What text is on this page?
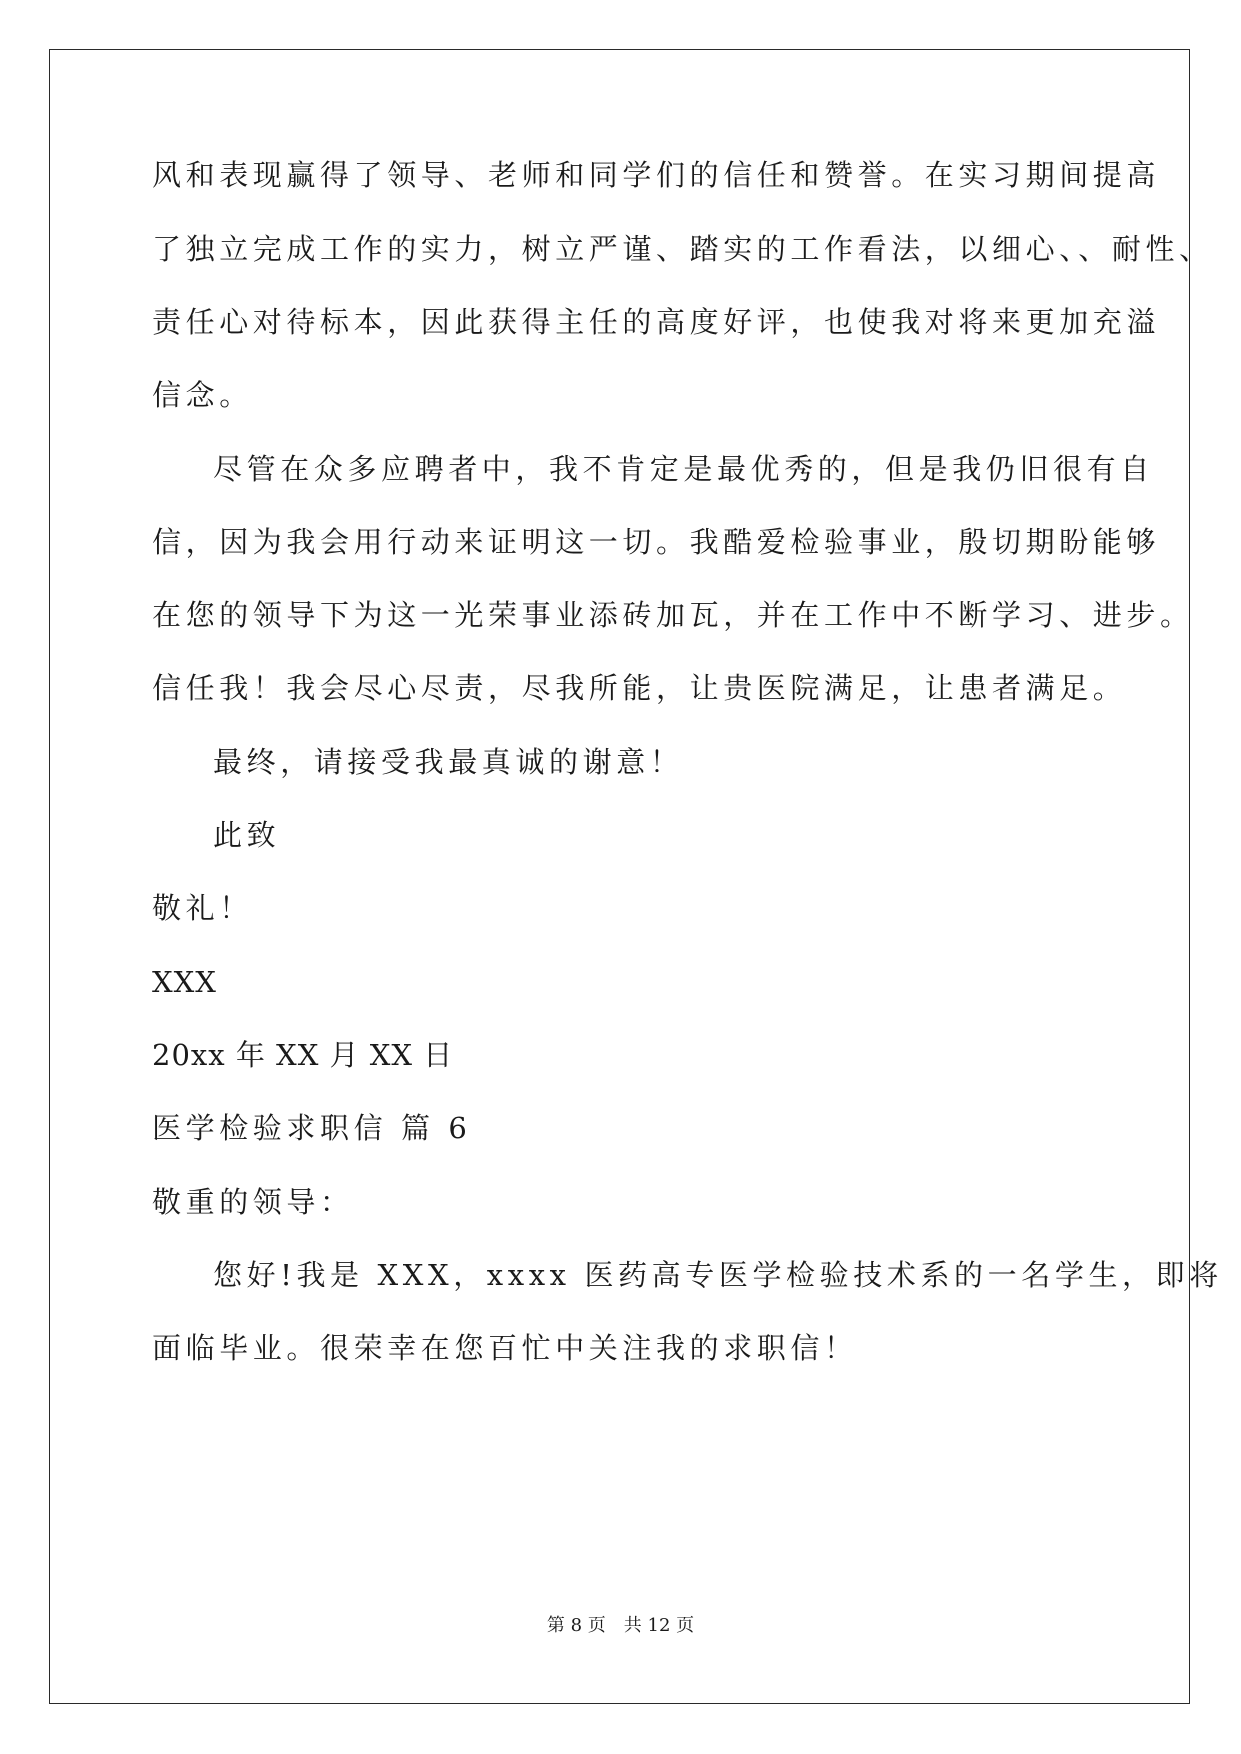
风和表现赢得了领导、老师和同学们的信任和赞誉。在实习期间提高
了独立完成工作的实力，树立严谨、踏实的工作看法，以细心、、耐性、
责任心对待标本，因此获得主任的高度好评，也使我对将来更加充溢
信念。
尽管在众多应聘者中，我不肯定是最优秀的，但是我仍旧很有自
信，因为我会用行动来证明这一切。我酷爱检验事业，殷切期盼能够
在您的领导下为这一光荣事业添砖加瓦，并在工作中不断学习、进步。
信任我！我会尽心尽责，尽我所能，让贵医院满足，让患者满足。
最终，请接受我最真诚的谢意！
此致
敬礼！
XXX
20xx 年 XX 月 XX 日
医学检验求职信 篇 6
敬重的领导：
您好!我是 XXX，xxxx 医药高专医学检验技术系的一名学生，即将
面临毕业。很荣幸在您百忙中关注我的求职信！
第 8 页　共 12 页
